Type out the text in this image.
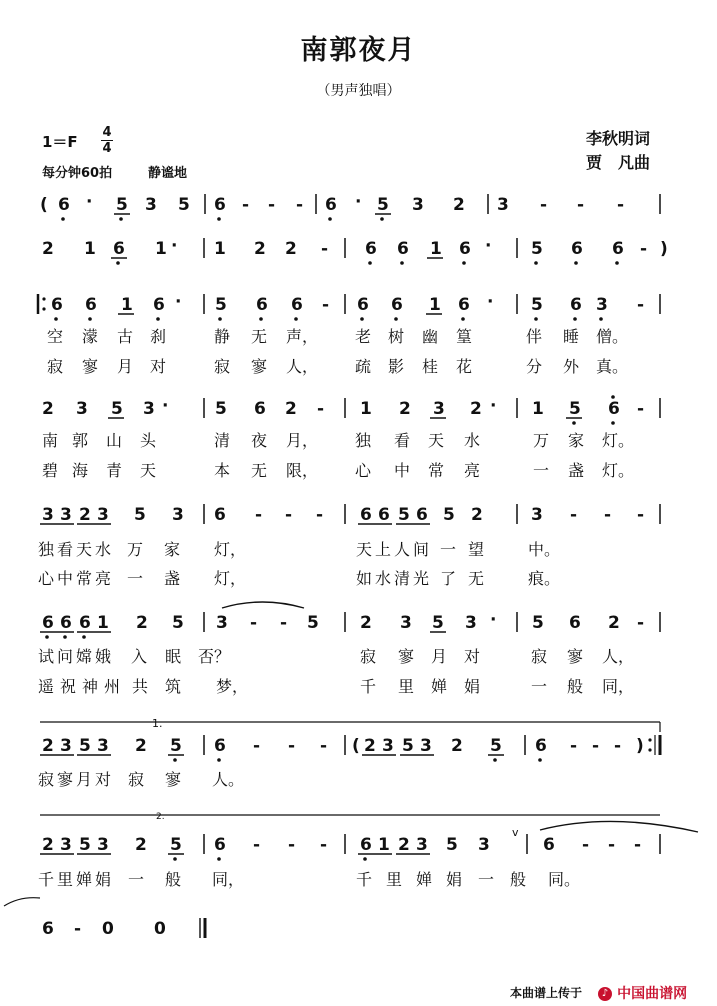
南郭夜月
（男声独唱）
1＝F
4
4
每分钟60拍	静谧地
李秋明词
贾　凡曲
( 6 · 5 3 5 6 - - - 6 · 5 3 2 3 - - -
2 1 6 1 · 1 2 2 - 6 6 1 6 · 5 6 6 - )
6 6 1 6 · 5 6 6 - 6 6 1 6 · 5 6 3 -
2 3 5 3 ·	5 6 2 - 1 2 3 2 · 1 5 6 -
3 3 2 3 5 3 6 - - - 6 6 5 6 5 2	3 - - -
6 6 6 1 2 5 3 - - 5 2 3 5 3 · 5 6 2 -
1.
2 3 5 3 2 5 6 - - - ( 2 3 5 3 2 5 6 - - - )
2.
2 3 5 3 2 5 6 - - - 6 1 2 3 5 3
v
6 - - -
6 - 0 0
空 濛 古 刹	静 无 声， 老 树 幽 篁	伴 睡 僧。
寂 寥 月 对	寂 寥 人， 疏 影 桂 花	分 外 真。
南 郭 山 头	清 夜 月， 独 看 天 水	万 家 灯。
碧 海 青 天	本 无 限， 心 中 常 亮	一 盏 灯。
独 看 天 水 万 家 灯，	天 上 人 间 一 望	中。
心 中 常 亮 一 盏 灯，	如 水 清 光 了 无	痕。
试 问 嫦 娥 入 眠 否？	寂 寥 月 对	寂 寥 人，
遥 祝 神 州 共 筑 梦，	千 里 婵 娟	一 般 同，
寂 寥 月 对 寂 寥 人。
千 里 婵 娟 一 般 同，	千 里 婵 娟 一 般 同。
本曲谱上传于	♪ 中国曲谱网
